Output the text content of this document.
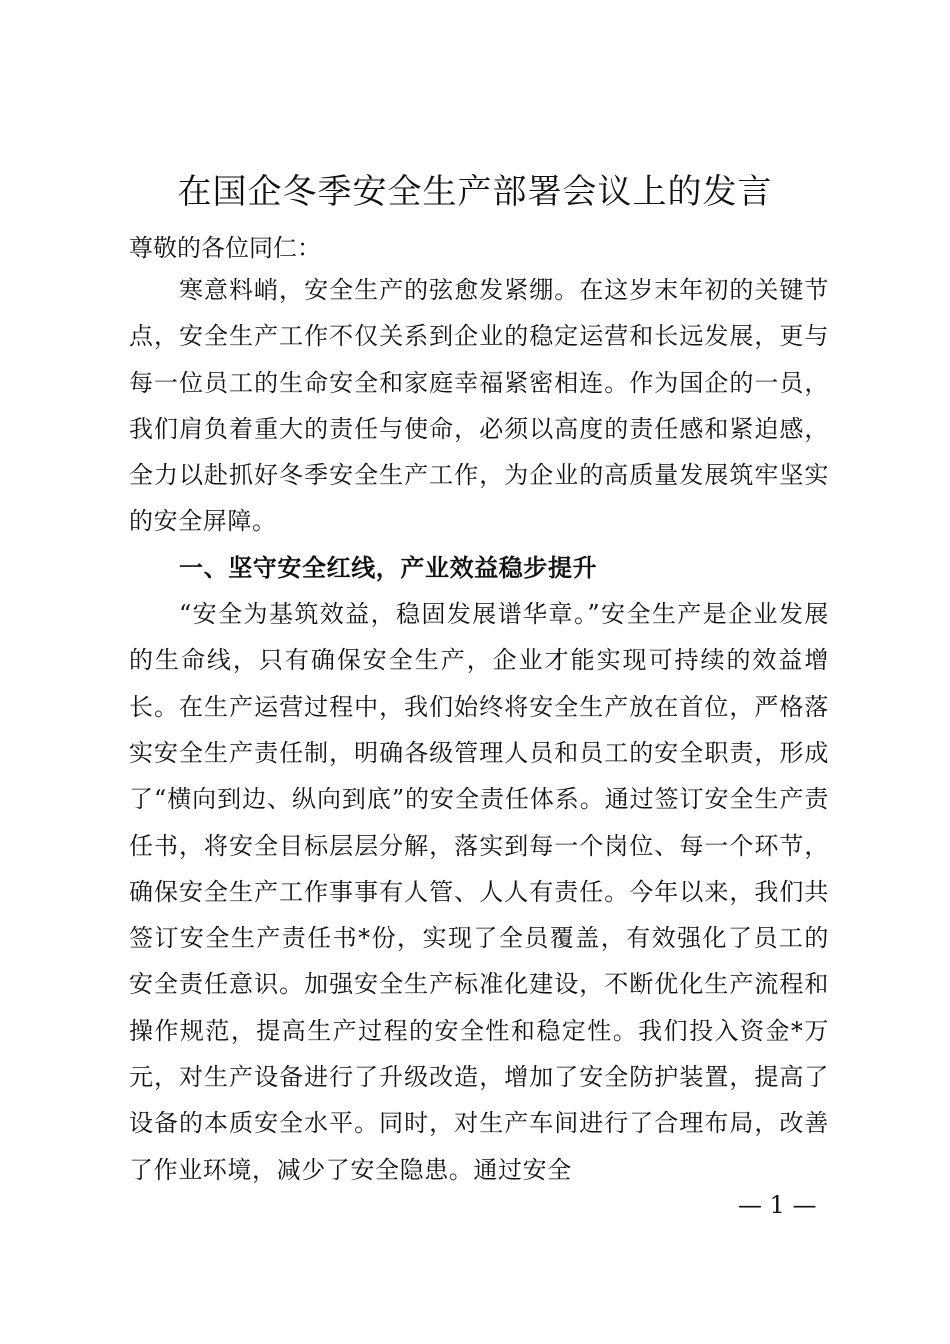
在国企冬季安全生产部署会议上的发言
尊敬的各位同仁：

寒意料峭，安全生产的弦愈发紧绷。在这岁末年初的关键节点，安全生产工作不仅关系到企业的稳定运营和长远发展，更与每一位员工的生命安全和家庭幸福紧密相连。作为国企的一员，我们肩负着重大的责任与使命，必须以高度的责任感和紧迫感，全力以赴抓好冬季安全生产工作，为企业的高质量发展筑牢坚实的安全屏障。

一、坚守安全红线，产业效益稳步提升

“安全为基筑效益，稳固发展谱华章。”安全生产是企业发展的生命线，只有确保安全生产，企业才能实现可持续的效益增长。在生产运营过程中，我们始终将安全生产放在首位，严格落实安全生产责任制，明确各级管理人员和员工的安全职责，形成了“横向到边、纵向到底”的安全责任体系。通过签订安全生产责任书，将安全目标层层分解，落实到每一个岗位、每一个环节，确保安全生产工作事事有人管、人人有责任。今年以来，我们共签订安全生产责任书*份，实现了全员覆盖，有效强化了员工的安全责任意识。加强安全生产标准化建设，不断优化生产流程和操作规范，提高生产过程的安全性和稳定性。我们投入资金*万元，对生产设备进行了升级改造，增加了安全防护装置，提高了设备的本质安全水平。同时，对生产车间进行了合理布局，改善了作业环境，减少了安全隐患。通过安全

— 1 —
